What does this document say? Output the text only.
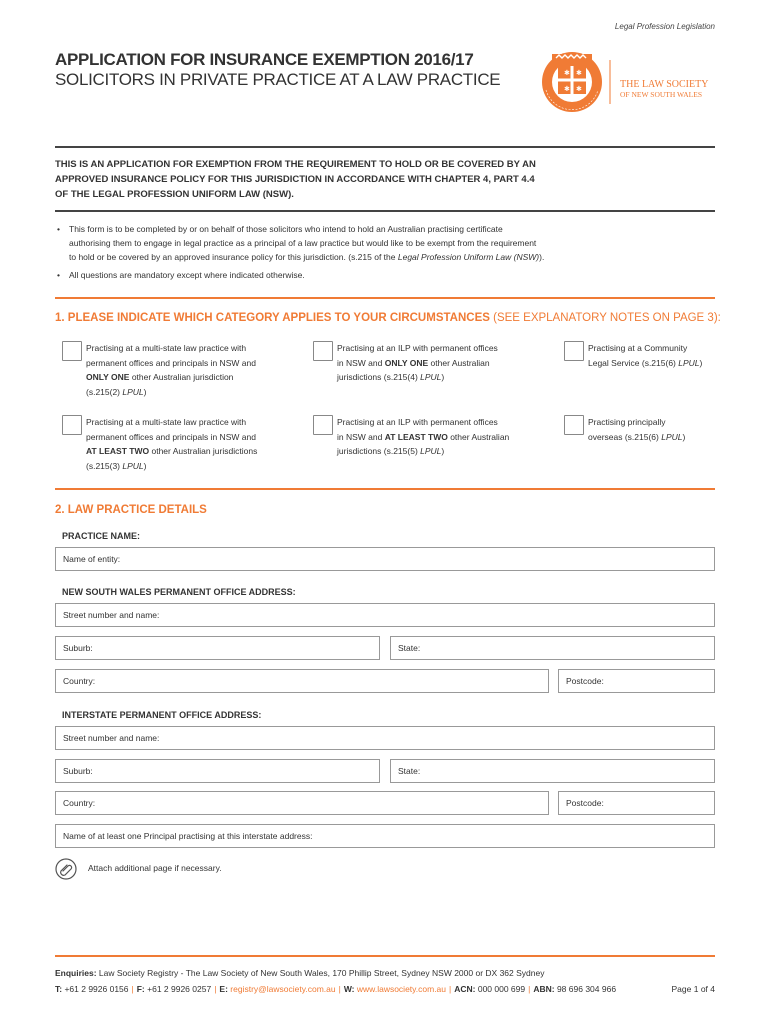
Legal Profession Legislation
APPLICATION FOR INSURANCE EXEMPTION 2016/17
SOLICITORS IN PRIVATE PRACTICE AT A LAW PRACTICE	✱ ✱
✱ ✱	THE LAW SOCIETY
OF NEW SOUTH WALES
THIS IS AN APPLICATION FOR EXEMPTION FROM THE REQUIREMENT TO HOLD OR BE COVERED BY AN
APPROVED INSURANCE POLICY FOR THIS JURISDICTION IN ACCORDANCE WITH CHAPTER 4, PART 4.4
OF THE LEGAL PROFESSION UNIFORM LAW (NSW).
• This form is to be completed by or on behalf of those solicitors who intend to hold an Australian practising certificate
authorising them to engage in legal practice as a principal of a law practice but would like to be exempt from the requirement
to hold or be covered by an approved insurance policy for this jurisdiction. (s.215 of the Legal Profession Uniform Law (NSW)).
• All questions are mandatory except where indicated otherwise.
1. PLEASE INDICATE WHICH CATEGORY APPLIES TO YOUR CIRCUMSTANCES (SEE EXPLANATORY NOTES ON PAGE 3):
Practising at a multi-state law practice with
permanent offices and principals in NSW and
ONLY ONE other Australian jurisdiction
(s.215(2) LPUL)
Practising at an ILP with permanent offices
in NSW and ONLY ONE other Australian
jurisdictions (s.215(4) LPUL)
Practising at a Community
Legal Service (s.215(6) LPUL)
Practising at a multi-state law practice with
permanent offices and principals in NSW and
AT LEAST TWO other Australian jurisdictions
(s.215(3) LPUL)
Practising at an ILP with permanent offices
in NSW and AT LEAST TWO other Australian
jurisdictions (s.215(5) LPUL)
Practising principally
overseas (s.215(6) LPUL)
2. LAW PRACTICE DETAILS
PRACTICE NAME:
Name of entity:
NEW SOUTH WALES PERMANENT OFFICE ADDRESS:
Street number and name:
Suburb:	State:
Country:	Postcode:
INTERSTATE PERMANENT OFFICE ADDRESS:
Street number and name:
Suburb:	State:
Country:	Postcode:
Name of at least one Principal practising at this interstate address:
Attach additional page if necessary.
Enquiries: Law Society Registry - The Law Society of New South Wales, 170 Phillip Street, Sydney NSW 2000 or DX 362 Sydney
T: +61 2 9926 0156 | F: +61 2 9926 0257 | E: registry@lawsociety.com.au | W: www.lawsociety.com.au | ACN: 000 000 699 | ABN: 98 696 304 966	Page 1 of 4
